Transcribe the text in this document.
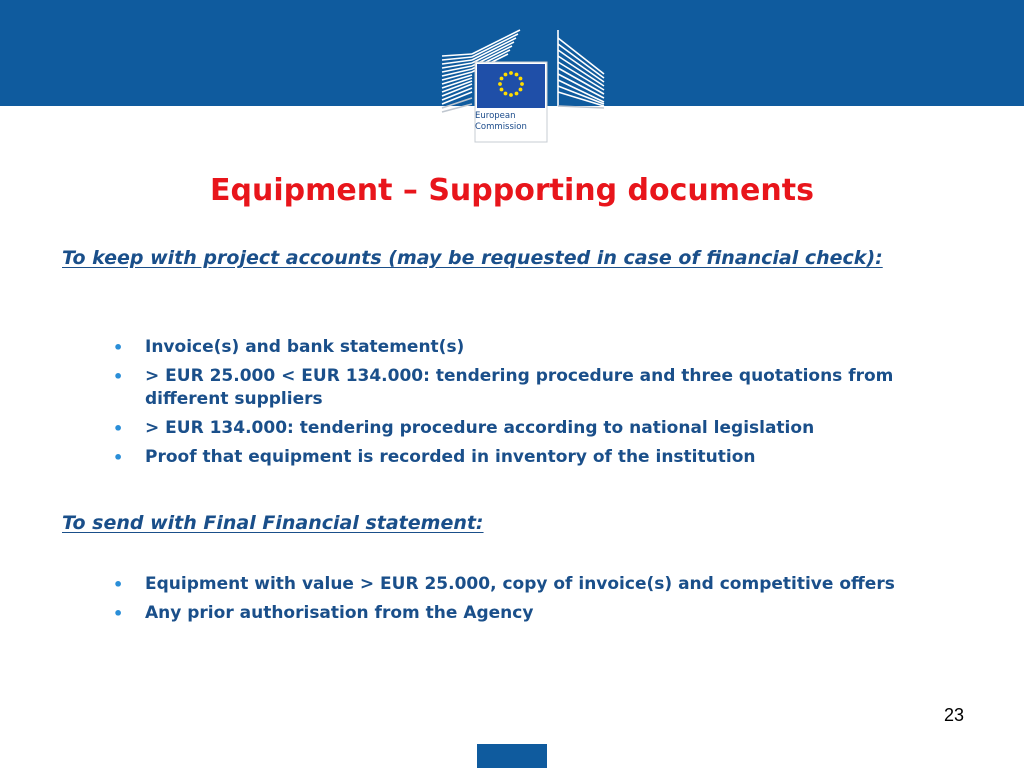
European
Commission
Equipment – Supporting documents
To keep with project accounts (may be requested in case of financial check):
• Invoice(s) and bank statement(s)
• > EUR 25.000 < EUR 134.000: tendering procedure and three quotations from different suppliers
• > EUR 134.000: tendering procedure according to national legislation
• Proof that equipment is recorded in inventory of the institution
To send with Final Financial statement:
• Equipment with value > EUR 25.000, copy of invoice(s) and competitive offers
• Any prior authorisation from the Agency
23
